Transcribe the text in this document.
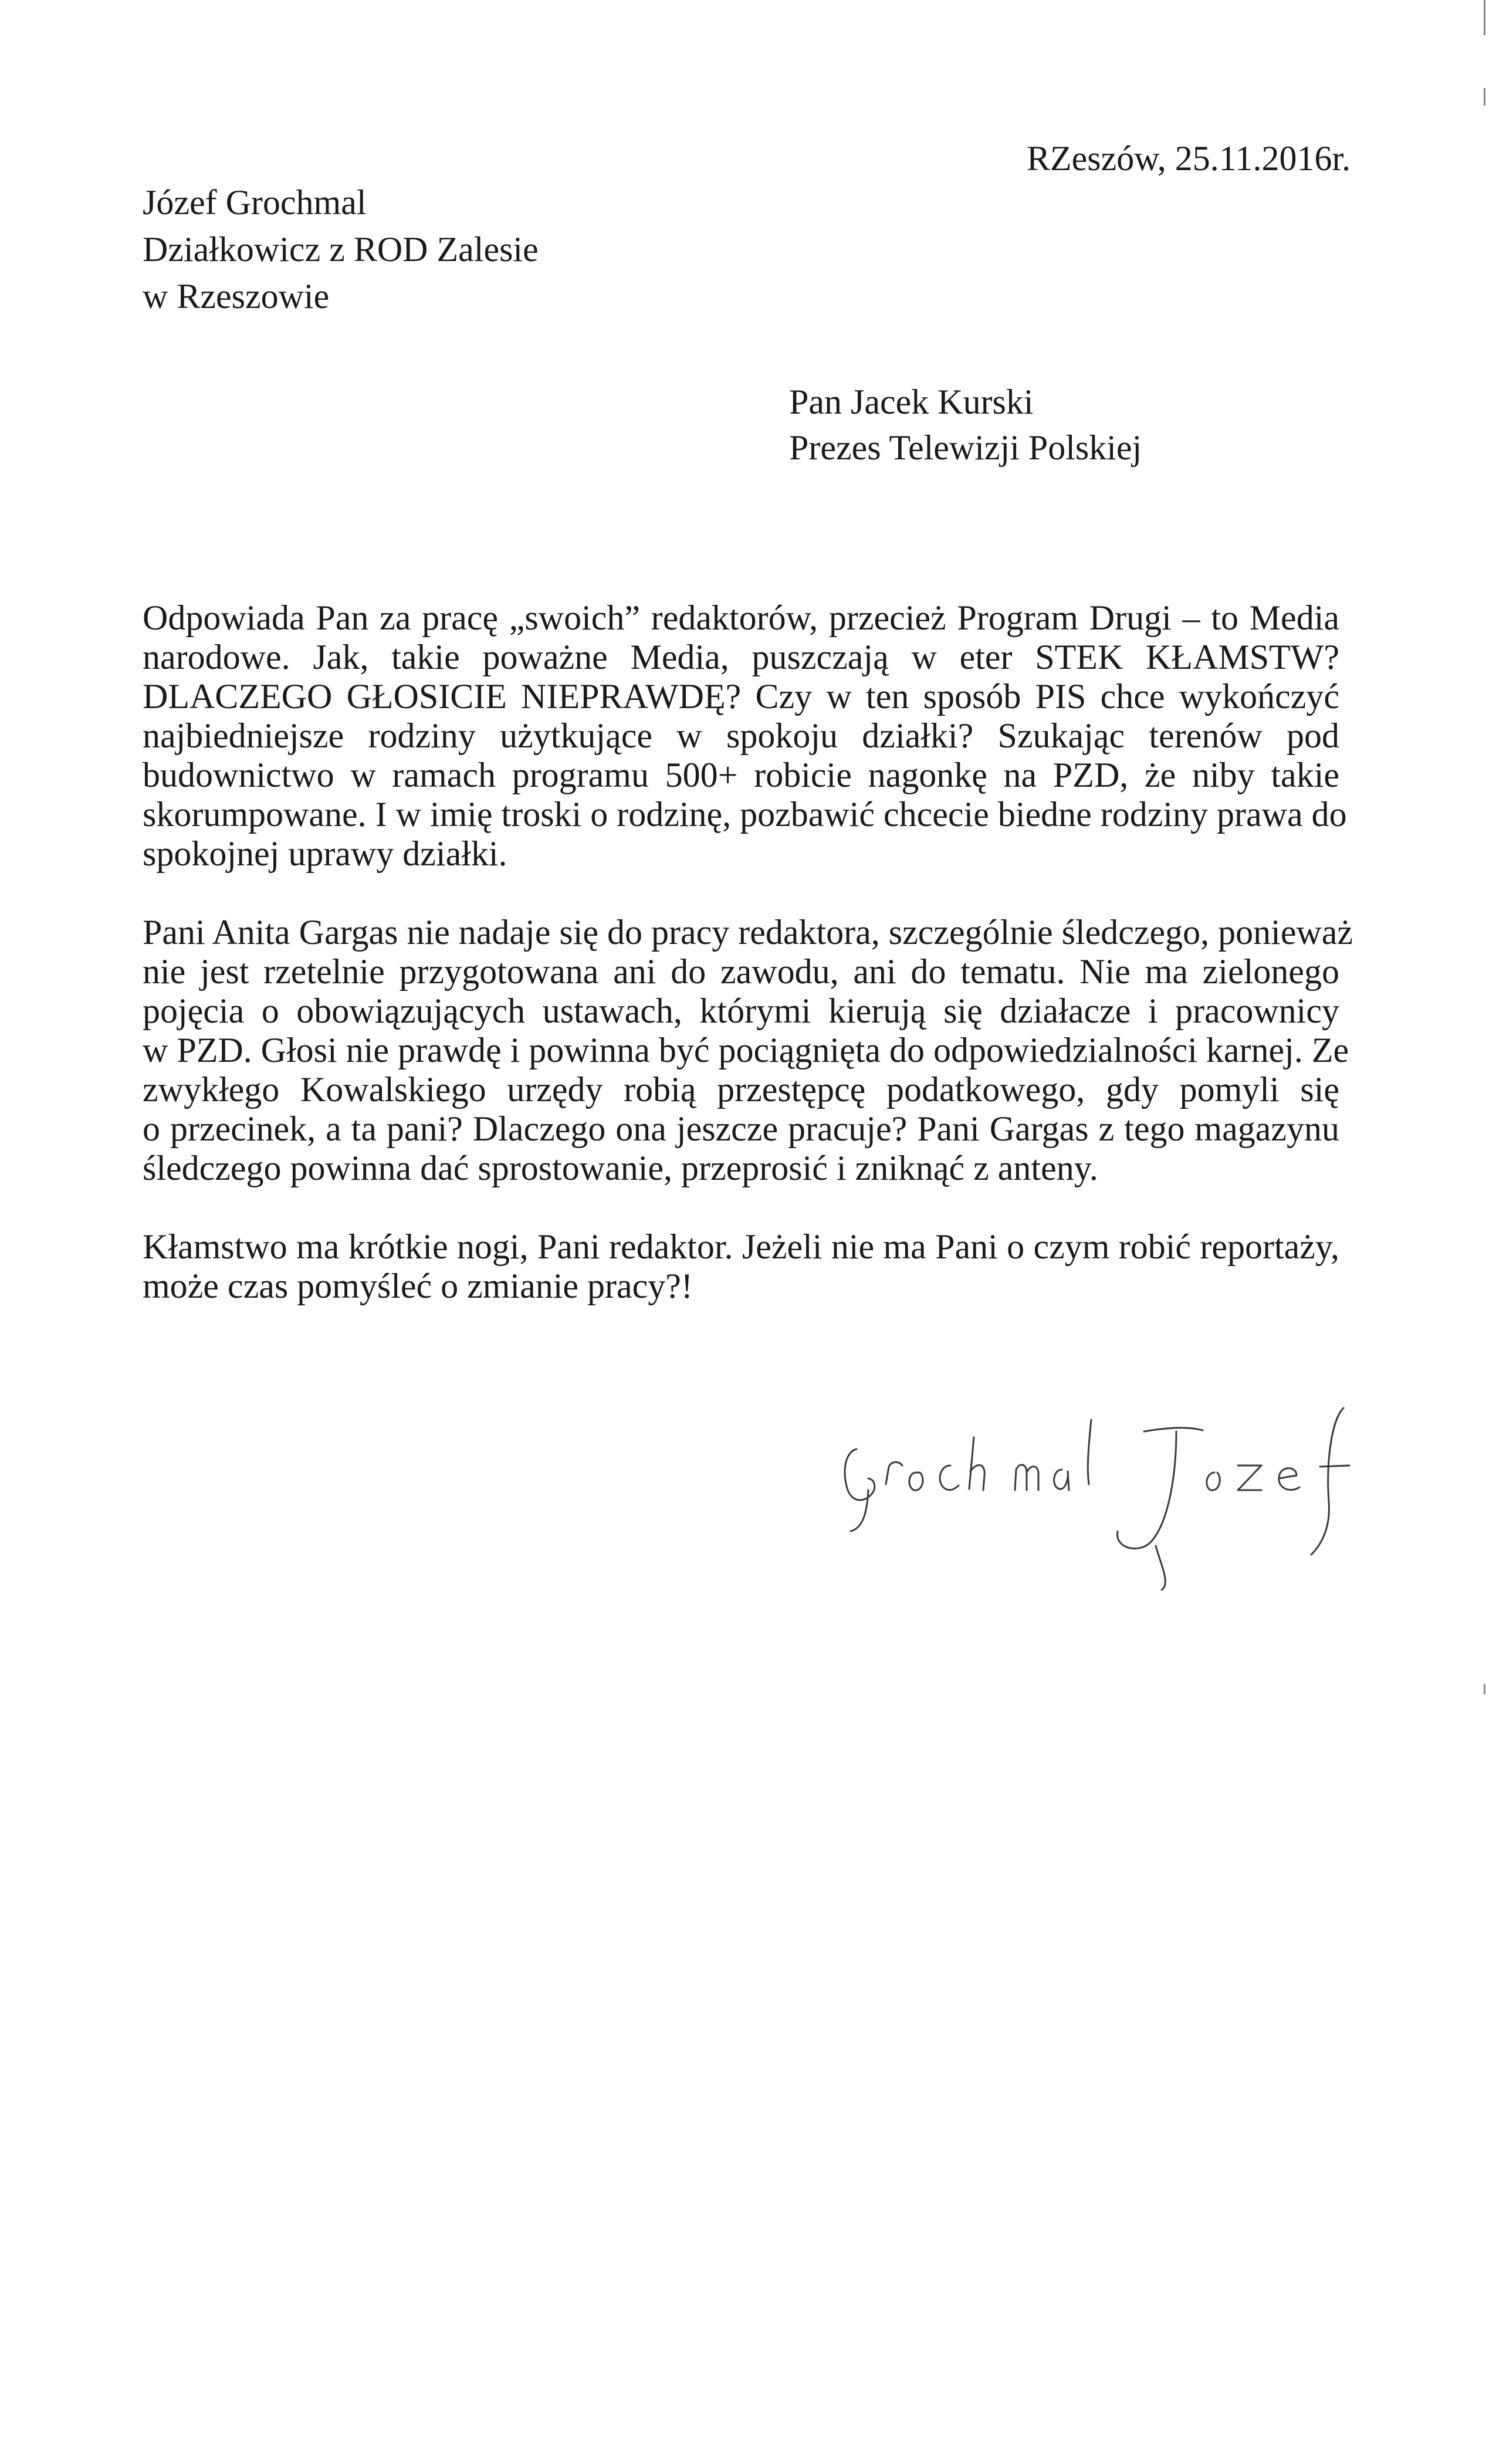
RZeszów, 25.11.2016r.
Józef Grochmal
Działkowicz z ROD Zalesie
w Rzeszowie
Pan Jacek Kurski
Prezes Telewizji Polskiej
Odpowiada Pan za pracę „swoich” redaktorów, przecież Program Drugi – to Media
narodowe. Jak, takie poważne Media, puszczają w eter STEK KŁAMSTW?
DLACZEGO GŁOSICIE NIEPRAWDĘ? Czy w ten sposób PIS chce wykończyć
najbiedniejsze rodziny użytkujące w spokoju działki? Szukając terenów pod
budownictwo w ramach programu 500+ robicie nagonkę na PZD, że niby takie
skorumpowane. I w imię troski o rodzinę, pozbawić chcecie biedne rodziny prawa do
spokojnej uprawy działki.
Pani Anita Gargas nie nadaje się do pracy redaktora, szczególnie śledczego, ponieważ
nie jest rzetelnie przygotowana ani do zawodu, ani do tematu. Nie ma zielonego
pojęcia o obowiązujących ustawach, którymi kierują się działacze i pracownicy
w PZD. Głosi nie prawdę i powinna być pociągnięta do odpowiedzialności karnej. Ze
zwykłego Kowalskiego urzędy robią przestępcę podatkowego, gdy pomyli się
o przecinek, a ta pani? Dlaczego ona jeszcze pracuje? Pani Gargas z tego magazynu
śledczego powinna dać sprostowanie, przeprosić i zniknąć z anteny.
Kłamstwo ma krótkie nogi, Pani redaktor. Jeżeli nie ma Pani o czym robić reportaży,
może czas pomyśleć o zmianie pracy?!
Grochmal Józef
